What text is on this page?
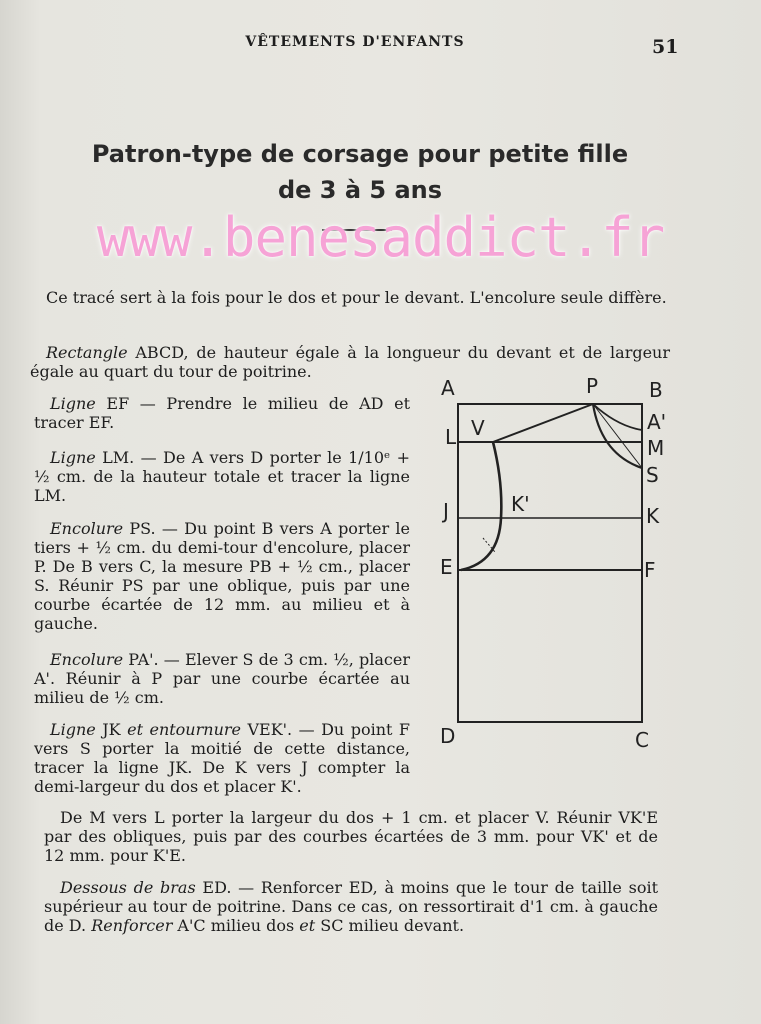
VÊTEMENTS D'ENFANTS	51
Patron-type de corsage pour petite fille
de 3 à 5 ans

Ce tracé sert à la fois pour le dos et pour le devant. L'encolure seule diffère.

Rectangle ABCD, de hauteur égale à la longueur du devant et de largeur égale au quart du tour de poitrine.

Ligne EF — Prendre le milieu de AD et tracer EF.

Ligne LM. — De A vers D porter le 1/10ᵉ + ½ cm. de la hauteur totale et tracer la ligne LM.

Encolure PS. — Du point B vers A porter le tiers + ½ cm. du demi-tour d'encolure, placer P. De B vers C, la mesure PB + ½ cm., placer S. Réunir PS par une oblique, puis par une courbe écartée de 12 mm. au milieu et à gauche.

Encolure PA'. — Elever S de 3 cm. ½, placer A'. Réunir à P par une courbe écartée au milieu de ½ cm.

Ligne JK et entournure VEK'. — Du point F vers S porter la moitié de cette distance, tracer la ligne JK. De K vers J compter la demi-largeur du dos et placer K'.

De M vers L porter la largeur du dos + 1 cm. et placer V. Réunir VK'E par des obliques, puis par des courbes écartées de 3 mm. pour VK' et de 12 mm. pour K'E.

Dessous de bras ED. — Renforcer ED, à moins que le tour de taille soit supérieur au tour de poitrine. Dans ce cas, on ressortirait d'1 cm. à gauche de D. Renforcer A'C milieu dos et SC milieu devant.

A	P	B
A'
L V
M
S
J	K'	K
E	F
D	C
www.benesaddict.fr
